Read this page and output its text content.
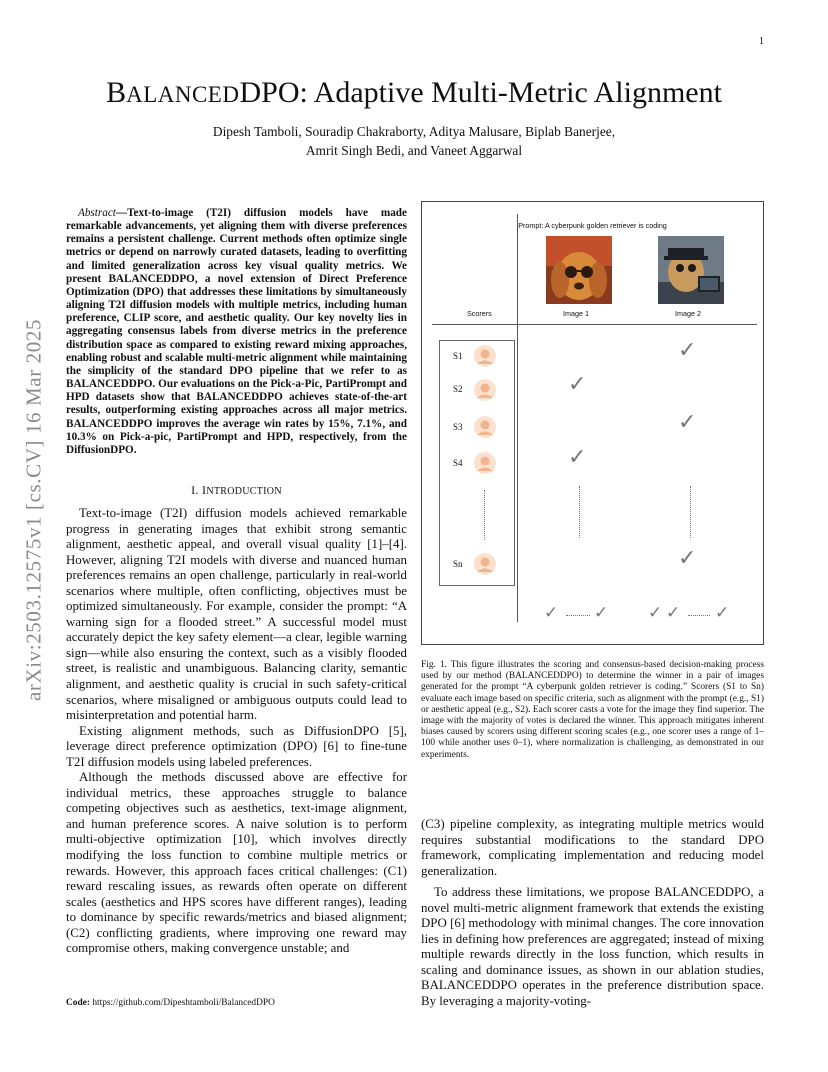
1
arXiv:2503.12575v1 [cs.CV] 16 Mar 2025
BALANCEDDPO: Adaptive Multi-Metric Alignment
Dipesh Tamboli, Souradip Chakraborty, Aditya Malusare, Biplab Banerjee,
Amrit Singh Bedi, and Vaneet Aggarwal
Abstract—Text-to-image (T2I) diffusion models have made remarkable advancements, yet aligning them with diverse preferences remains a persistent challenge. Current methods often optimize single metrics or depend on narrowly curated datasets, leading to overfitting and limited generalization across key visual quality metrics. We present BALANCEDDPO, a novel extension of Direct Preference Optimization (DPO) that addresses these limitations by simultaneously aligning T2I diffusion models with multiple metrics, including human preference, CLIP score, and aesthetic quality. Our key novelty lies in aggregating consensus labels from diverse metrics in the preference distribution space as compared to existing reward mixing approaches, enabling robust and scalable multi-metric alignment while maintaining the simplicity of the standard DPO pipeline that we refer to as BALANCEDDPO. Our evaluations on the Pick-a-Pic, PartiPrompt and HPD datasets show that BALANCEDDPO achieves state-of-the-art results, outperforming existing approaches across all major metrics. BALANCEDDPO improves the average win rates by 15%, 7.1%, and 10.3% on Pick-a-pic, PartiPrompt and HPD, respectively, from the DiffusionDPO.
I. INTRODUCTION

Text-to-image (T2I) diffusion models achieved remarkable progress in generating images that exhibit strong semantic alignment, aesthetic appeal, and overall visual quality [1]–[4]. However, aligning T2I models with diverse and nuanced human preferences remains an open challenge, particularly in real-world scenarios where multiple, often conflicting, objectives must be optimized simultaneously. For example, consider the prompt: “A warning sign for a flooded street.” A successful model must accurately depict the key safety element—a clear, legible warning sign—while also ensuring the context, such as a visibly flooded street, is realistic and unambiguous. Balancing clarity, semantic alignment, and aesthetic quality is crucial in such safety-critical scenarios, where misaligned or ambiguous outputs could lead to misinterpretation and potential harm.

Existing alignment methods, such as DiffusionDPO [5], leverage direct preference optimization (DPO) [6] to fine-tune T2I diffusion models using labeled preferences.

Although the methods discussed above are effective for individual metrics, these approaches struggle to balance competing objectives such as aesthetics, text-image alignment, and human preference scores. A naive solution is to perform multi-objective optimization [10], which involves directly modifying the loss function to combine multiple metrics or rewards. However, this approach faces critical challenges: (C1) reward rescaling issues, as rewards often operate on different scales (aesthetics and HPS scores have different ranges), leading to dominance by specific rewards/metrics and biased alignment; (C2) conflicting gradients, where improving one reward may compromise others, making convergence unstable; and

Code: https://github.com/Dipeshtamboli/BalancedDPO
Prompt: A cyberpunk golden retriever is coding
Scorers	Image 1	Image 2
S1
S2
S3
S4
Sn
✓
✓
✓
✓
✓
✓ ✓ ✓ ✓ ✓
Fig. 1. This figure illustrates the scoring and consensus-based decision-making process used by our method (BALANCEDDPO) to determine the winner in a pair of images generated for the prompt “A cyberpunk golden retriever is coding.” Scorers (S1 to Sn) evaluate each image based on specific criteria, such as alignment with the prompt (e.g., S1) or aesthetic appeal (e.g., S2). Each scorer casts a vote for the image they find superior. The image with the majority of votes is declared the winner. This approach mitigates inherent biases caused by scorers using different scoring scales (e.g., one scorer uses a range of 1–100 while another uses 0–1), where normalization is challenging, as demonstrated in our experiments.

(C3) pipeline complexity, as integrating multiple metrics would requires substantial modifications to the standard DPO framework, complicating implementation and reducing model generalization.

To address these limitations, we propose BALANCEDDPO, a novel multi-metric alignment framework that extends the existing DPO [6] methodology with minimal changes. The core innovation lies in defining how preferences are aggregated; instead of mixing multiple rewards directly in the loss function, which results in scaling and dominance issues, as shown in our ablation studies, BALANCEDDPO operates in the preference distribution space. By leveraging a majority-voting-
